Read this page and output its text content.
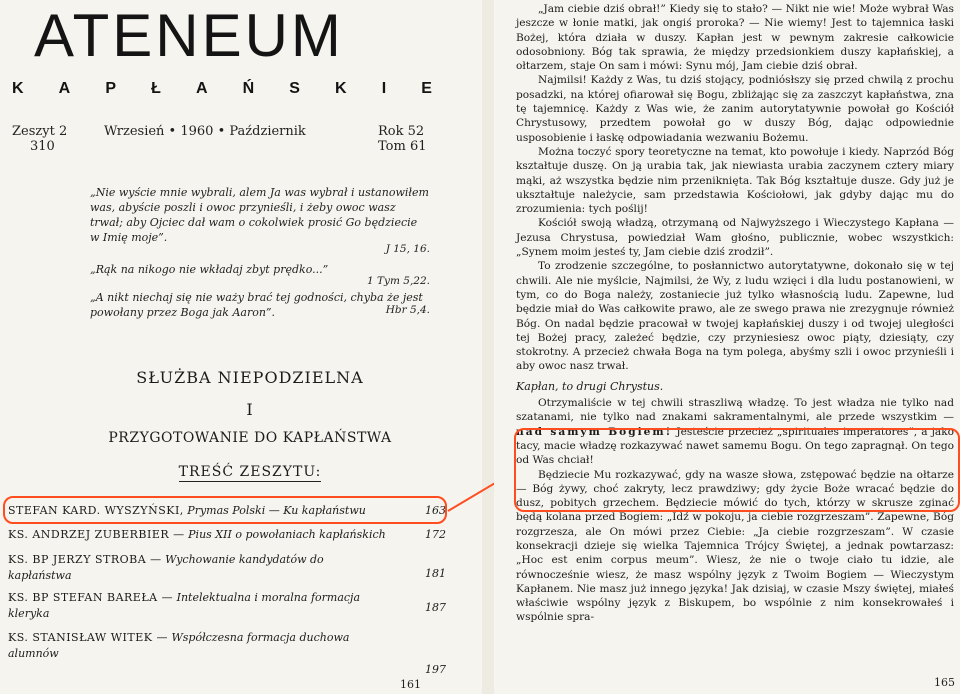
ATENEUM
K A P Ł A Ń S K I E
Zeszyt 2
310
Wrzesień • 1960 • Październik	Rok 52
Tom 61
„Nie wyście mnie wybrali, alem Ja was wybrał i ustanowiłem was, abyście poszli i owoc przynieśli, i żeby owoc wasz trwał; aby Ojciec dał wam o cokolwiek prosić Go będziecie w Imię moje”.
J 15, 16.
„Rąk na nikogo nie wkładaj zbyt prędko...”
1 Tym 5,22.
„A nikt niechaj się nie waży brać tej godności, chyba że jest powołany przez Boga jak Aaron”.	Hbr 5,4.
SŁUŻBA NIEPODZIELNA
I
PRZYGOTOWANIE DO KAPŁAŃSTWA
TREŚĆ ZESZYTU:
STEFAN KARD. WYSZYŃSKI, Prymas Polski — Ku kapłaństwu	163
KS. ANDRZEJ ZUBERBIER — Pius XII o powołaniach kapłańskich	172
KS. BP JERZY STROBA — Wychowanie kandydatów do kapłaństwa	181
KS. BP STEFAN BAREŁA — Intelektualna i moralna formacja kleryka	187
KS. STANISŁAW WITEK — Współczesna formacja duchowa alumnów
197
161

„Jam ciebie dziś obrał!” Kiedy się to stało? — Nikt nie wie! Może wybrał Was jeszcze w łonie matki, jak ongiś proroka? — Nie wiemy! Jest to tajemnica łaski Bożej, która działa w duszy. Kapłan jest w pewnym zakresie całkowicie odosobniony. Bóg tak sprawia, że między przedsionkiem duszy kapłańskiej, a ołtarzem, staje On sam i mówi: Synu mój, Jam ciebie dziś obrał.

Najmilsi! Każdy z Was, tu dziś stojący, podniósłszy się przed chwilą z prochu posadzki, na której ofiarował się Bogu, zbliżając się za zaszczyt kapłaństwa, zna tę tajemnicę. Każdy z Was wie, że zanim autorytatywnie powołał go Kościół Chrystusowy, przedtem powołał go w duszy Bóg, dając odpowiednie usposobienie i łaskę odpowiadania wezwaniu Bożemu.

Można toczyć spory teoretyczne na temat, kto powołuje i kiedy. Naprzód Bóg kształtuje duszę. On ją urabia tak, jak niewiasta urabia zaczynem cztery miary mąki, aż wszystka będzie nim przeniknięta. Tak Bóg kształtuje dusze. Gdy już je ukształtuje należycie, sam przedstawia Kościołowi, jak gdyby dając mu do zrozumienia: tych poślij!

Kościół swoją władzą, otrzymaną od Najwyższego i Wieczystego Kapłana — Jezusa Chrystusa, powiedział Wam głośno, publicznie, wobec wszystkich: „Synem moim jesteś ty, Jam ciebie dziś zrodził”.

To zrodzenie szczególne, to posłannictwo autorytatywne, dokonało się w tej chwili. Ale nie myślcie, Najmilsi, że Wy, z ludu wzięci i dla ludu postanowieni, w tym, co do Boga należy, zostaniecie już tylko własnością ludu. Zapewne, lud będzie miał do Was całkowite prawo, ale ze swego prawa nie zrezygnuje również Bóg. On nadal będzie pracował w twojej kapłańskiej duszy i od twojej uległości tej Bożej pracy, zależeć będzie, czy przyniesiesz owoc piąty, dziesiąty, czy stokrotny. A przecież chwała Boga na tym polega, abyśmy szli i owoc przynieśli i aby owoc nasz trwał.

Kapłan, to drugi Chrystus.

Otrzymaliście w tej chwili straszliwą władzę. To jest władza nie tylko nad szatanami, nie tylko nad znakami sakramentalnymi, ale przede wszystkim — nad samym Bogiem! Jesteście przecież „spirituales imperatores”, a jako tacy, macie władzę rozkazywać nawet samemu Bogu. On tego zapragnął. On tego od Was chciał!

Będziecie Mu rozkazywać, gdy na wasze słowa, zstępować będzie na ołtarze — Bóg żywy, choć zakryty, lecz prawdziwy; gdy życie Boże wracać będzie do dusz, pobitych grzechem. Będziecie mówić do tych, którzy w skrusze zginać będą kolana przed Bogiem: „Idź w pokoju, ja ciebie rozgrzeszam”. Zapewne, Bóg rozgrzesza, ale On mówi przez Ciebie: „Ja ciebie rozgrzeszam”. W czasie konsekracji dzieje się wielka Tajemnica Trójcy Świętej, a jednak powtarzasz: „Hoc est enim corpus meum”. Wiesz, że nie o twoje ciało tu idzie, ale równocześnie wiesz, że masz wspólny język z Twoim Bogiem — Wieczystym Kapłanem. Nie masz już innego języka! Jak dzisiaj, w czasie Mszy świętej, miałeś właściwie wspólny język z Biskupem, bo wspólnie z nim konsekrowałeś i wspólnie spra-

165
